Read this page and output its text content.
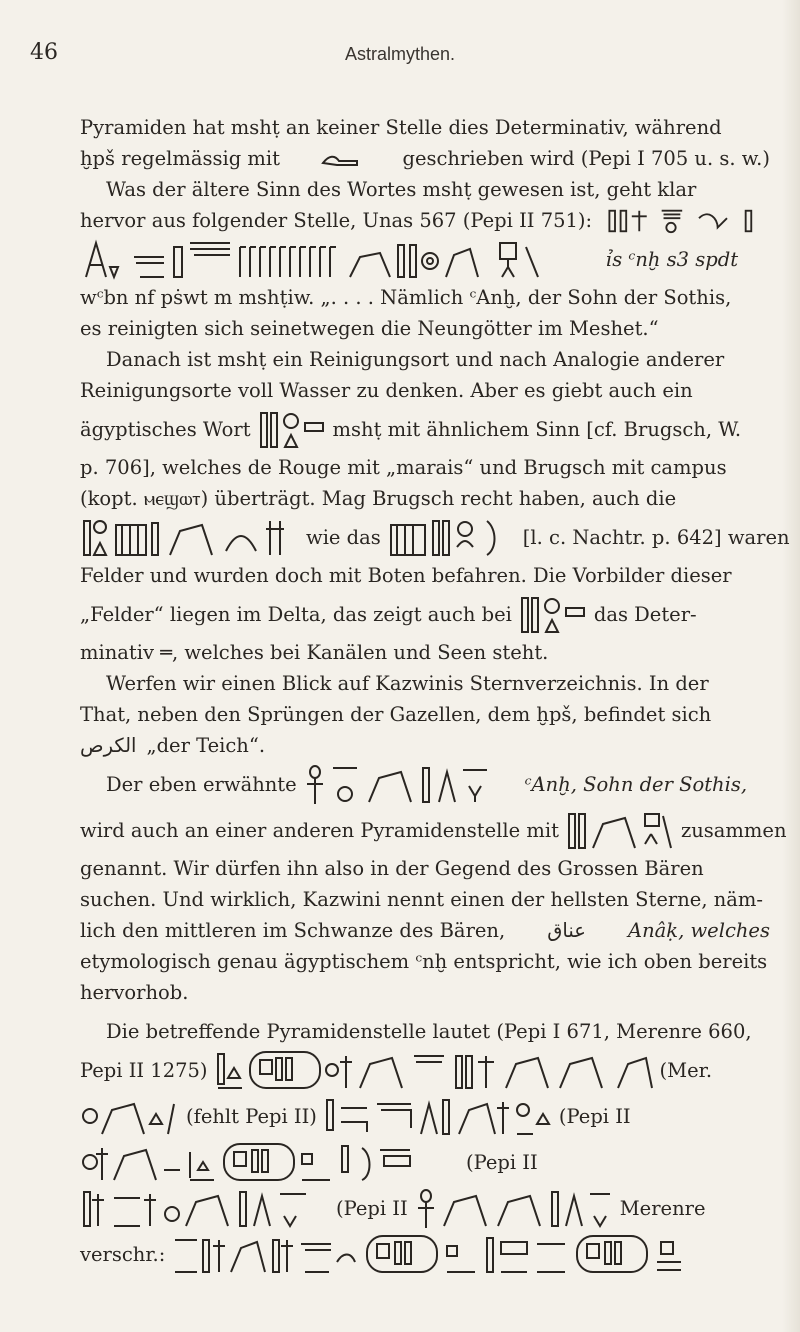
46	Astralmythen.
Pyramiden hat mshṭ an keiner Stelle dies Determinativ, während
ḫpš regelmässig mit	geschrieben wird (Pepi I 705 u. s. w.)
Was der ältere Sinn des Wortes mshṭ gewesen ist, geht klar
hervor aus folgender Stelle, Unas 567 (Pepi II 751):
ỉs ᶜnḫ s3 spdt
wᶜbn nf pṡwt m mshṭiw. „. . . . Nämlich ᶜAnḫ, der Sohn der Sothis,
es reinigten sich seinetwegen die Neungötter im Meshet.“
Danach ist mshṭ ein Reinigungsort und nach Analogie anderer
Reinigungsorte voll Wasser zu denken. Aber es giebt auch ein
ägyptisches Wort	mshṭ mit ähnlichem Sinn [cf. Brugsch, W.
p. 706], welches de Rouge mit „marais“ und Brugsch mit campus
(kopt. ⲙⲉϣⲱⲧ) überträgt. Mag Brugsch recht haben, auch die
wie das	[l. c. Nachtr. p. 642] waren
Felder und wurden doch mit Boten befahren. Die Vorbilder dieser
„Felder“ liegen im Delta, das zeigt auch bei	das Deter-
minativ ═, welches bei Kanälen und Seen steht.
Werfen wir einen Blick auf Kazwinis Sternverzeichnis. In der
That, neben den Sprüngen der Gazellen, dem ḫpš, befindet sich
الكرص „der Teich“.
Der eben erwähnte	ᶜAnḫ, Sohn der Sothis,
wird auch an einer anderen Pyramidenstelle mit	zusammen
genannt. Wir dürfen ihn also in der Gegend des Grossen Bären
suchen. Und wirklich, Kazwini nennt einen der hellsten Sterne, näm-
lich den mittleren im Schwanze des Bären, عناق Anâḳ, welches
etymologisch genau ägyptischem ᶜnḫ entspricht, wie ich oben bereits
hervorhob.
Die betreffende Pyramidenstelle lautet (Pepi I 671, Merenre 660,
Pepi II 1275)	(Mer.
(fehlt Pepi II)	(Pepi II
(Pepi II
(Pepi II	Merenre
verschr.:
